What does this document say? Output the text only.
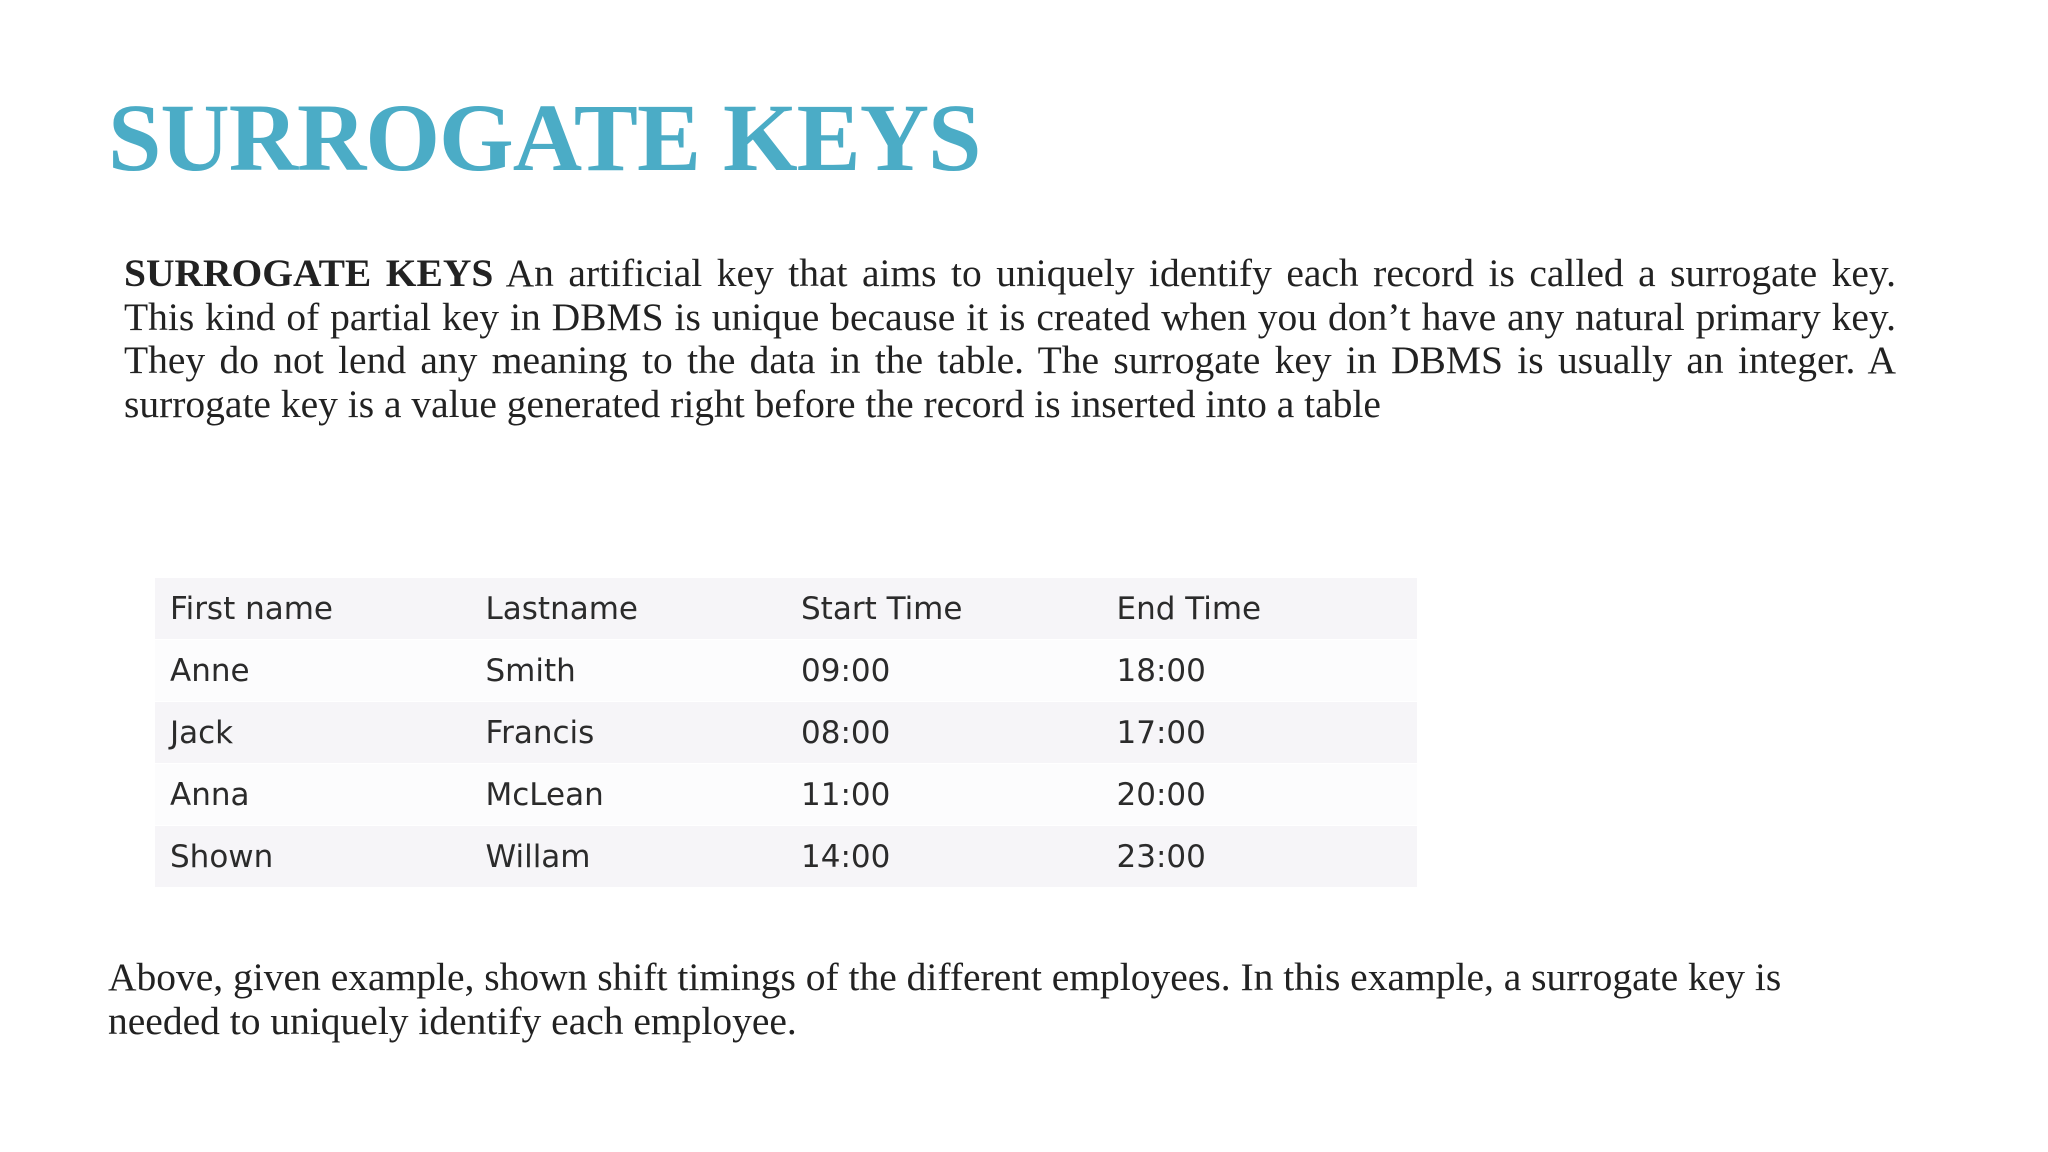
SURROGATE KEYS

SURROGATE KEYS An artificial key that aims to uniquely identify each record is called a surrogate key. This kind of partial key in DBMS is unique because it is created when you don’t have any natural primary key. They do not lend any meaning to the data in the table. The surrogate key in DBMS is usually an integer. A surrogate key is a value generated right before the record is inserted into a table

First name	Lastname	Start Time	End Time
Anne	Smith	09:00	18:00
Jack	Francis	08:00	17:00
Anna	McLean	11:00	20:00
Shown	Willam	14:00	23:00

Above, given example, shown shift timings of the different employees. In this example, a surrogate key is needed to uniquely identify each employee.
